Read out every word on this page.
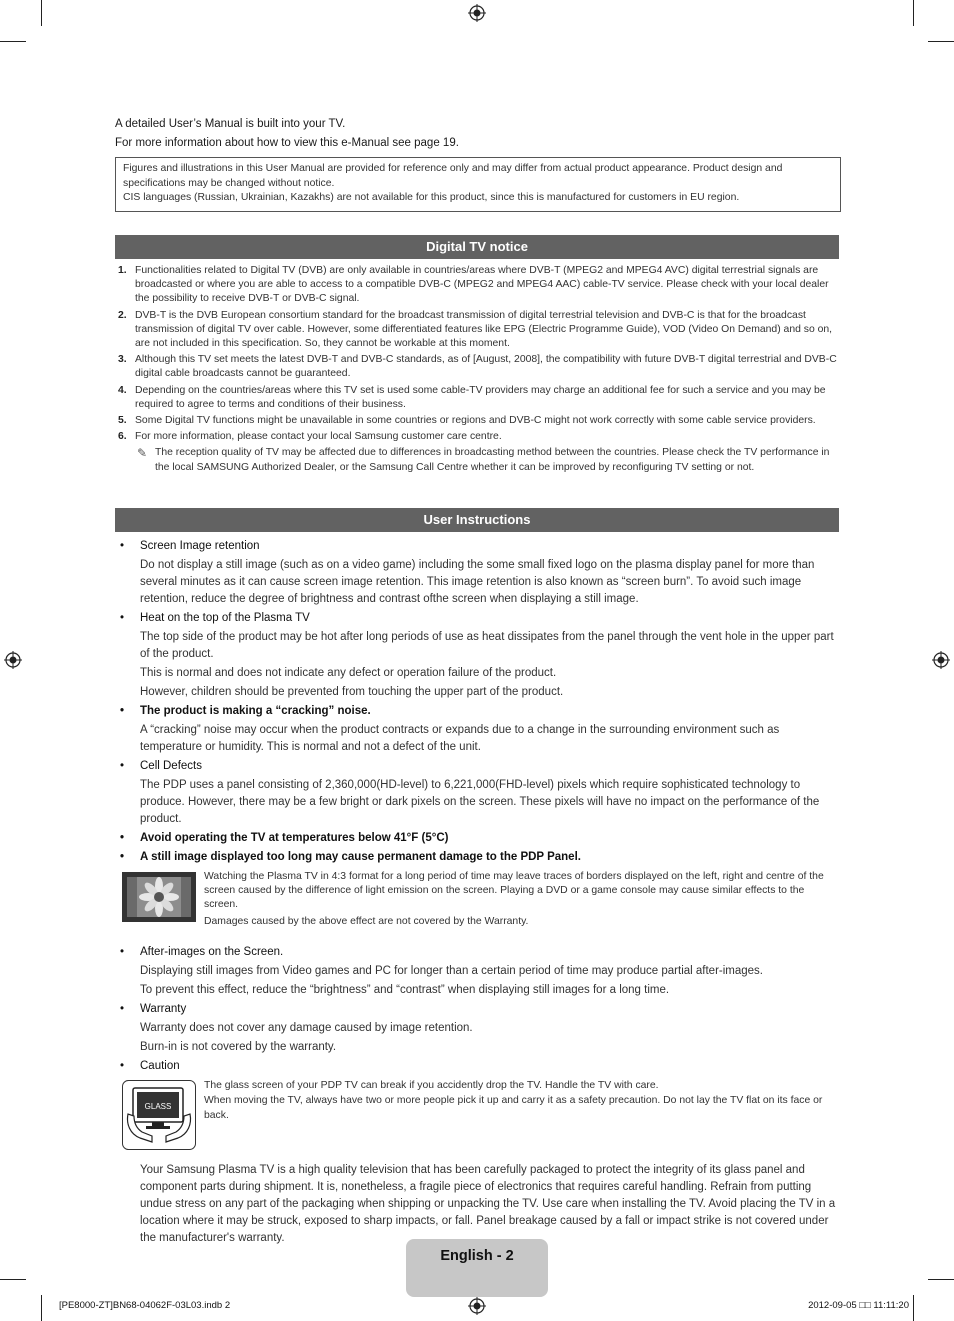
A detailed User’s Manual is built into your TV.
For more information about how to view this e-Manual see page 19.
Figures and illustrations in this User Manual are provided for reference only and may differ from actual product appearance. Product design and specifications may be changed without notice.
CIS languages (Russian, Ukrainian, Kazakhs) are not available for this product, since this is manufactured for customers in EU region.
Digital TV notice
1. Functionalities related to Digital TV (DVB) are only available in countries/areas where DVB-T (MPEG2 and MPEG4 AVC) digital terrestrial signals are broadcasted or where you are able to access to a compatible DVB-C (MPEG2 and MPEG4 AAC) cable-TV service. Please check with your local dealer the possibility to receive DVB-T or DVB-C signal.
2. DVB-T is the DVB European consortium standard for the broadcast transmission of digital terrestrial television and DVB-C is that for the broadcast transmission of digital TV over cable. However, some differentiated features like EPG (Electric Programme Guide), VOD (Video On Demand) and so on, are not included in this specification. So, they cannot be workable at this moment.
3. Although this TV set meets the latest DVB-T and DVB-C standards, as of [August, 2008], the compatibility with future DVB-T digital terrestrial and DVB-C digital cable broadcasts cannot be guaranteed.
4. Depending on the countries/areas where this TV set is used some cable-TV providers may charge an additional fee for such a service and you may be required to agree to terms and conditions of their business.
5. Some Digital TV functions might be unavailable in some countries or regions and DVB-C might not work correctly with some cable service providers.
6. For more information, please contact your local Samsung customer care centre.
✎ The reception quality of TV may be affected due to differences in broadcasting method between the countries. Please check the TV performance in the local SAMSUNG Authorized Dealer, or the Samsung Call Centre whether it can be improved by reconfiguring TV setting or not.
User Instructions
• Screen Image retention
Do not display a still image (such as on a video game) including the some small fixed logo on the plasma display panel for more than several minutes as it can cause screen image retention. This image retention is also known as “screen burn”. To avoid such image retention, reduce the degree of brightness and contrast ofthe screen when displaying a still image.
• Heat on the top of the Plasma TV
The top side of the product may be hot after long periods of use as heat dissipates from the panel through the vent hole in the upper part of the product.
This is normal and does not indicate any defect or operation failure of the product.
However, children should be prevented from touching the upper part of the product.
• The product is making a “cracking” noise.
A “cracking” noise may occur when the product contracts or expands due to a change in the surrounding environment such as temperature or humidity. This is normal and not a defect of the unit.
• Cell Defects
The PDP uses a panel consisting of 2,360,000(HD-level) to 6,221,000(FHD-level) pixels which require sophisticated technology to produce. However, there may be a few bright or dark pixels on the screen. These pixels will have no impact on the performance of the product.
• Avoid operating the TV at temperatures below 41°F (5°C)
• A still image displayed too long may cause permanent damage to the PDP Panel.
Watching the Plasma TV in 4:3 format for a long period of time may leave traces of borders displayed on the left, right and centre of the screen caused by the difference of light emission on the screen. Playing a DVD or a game console may cause similar effects to the screen.
Damages caused by the above effect are not covered by the Warranty.
• After-images on the Screen.
Displaying still images from Video games and PC for longer than a certain period of time may produce partial after-images.
To prevent this effect, reduce the “brightness” and “contrast” when displaying still images for a long time.
• Warranty
Warranty does not cover any damage caused by image retention.
Burn-in is not covered by the warranty.
• Caution
GLASS
The glass screen of your PDP TV can break if you accidently drop the TV. Handle the TV with care.
When moving the TV, always have two or more people pick it up and carry it as a safety precaution. Do not lay the TV flat on its face or back.
Your Samsung Plasma TV is a high quality television that has been carefully packaged to protect the integrity of its glass panel and component parts during shipment. It is, nonetheless, a fragile piece of electronics that requires careful handling. Refrain from putting undue stress on any part of the packaging when shipping or unpacking the TV. Use care when installing the TV. Avoid placing the TV in a location where it may be struck, exposed to sharp impacts, or fall. Panel breakage caused by a fall or impact strike is not covered under the manufacturer's warranty.
English - 2
[PE8000-ZT]BN68-04062F-03L03.indb 2	2012-09-05 □□ 11:11:20
